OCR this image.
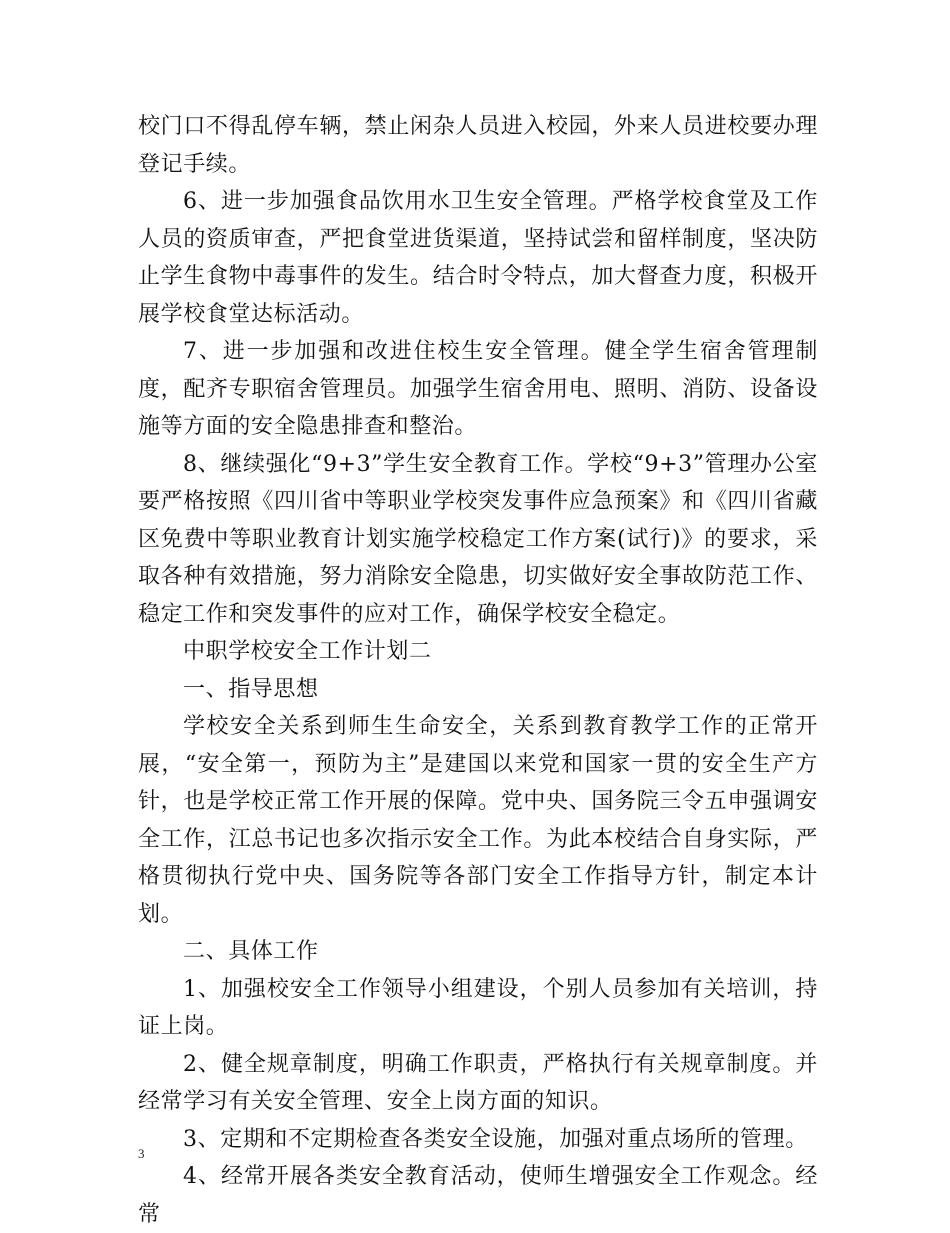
校门口不得乱停车辆，禁止闲杂人员进入校园，外来人员进校要办理登记手续。

6、进一步加强食品饮用水卫生安全管理。严格学校食堂及工作人员的资质审查，严把食堂进货渠道，坚持试尝和留样制度，坚决防止学生食物中毒事件的发生。结合时令特点，加大督查力度，积极开展学校食堂达标活动。

7、进一步加强和改进住校生安全管理。健全学生宿舍管理制度，配齐专职宿舍管理员。加强学生宿舍用电、照明、消防、设备设施等方面的安全隐患排查和整治。

8、继续强化“9+3”学生安全教育工作。学校“9+3”管理办公室要严格按照《四川省中等职业学校突发事件应急预案》和《四川省藏区免费中等职业教育计划实施学校稳定工作方案(试行)》的要求，采取各种有效措施，努力消除安全隐患，切实做好安全事故防范工作、稳定工作和突发事件的应对工作，确保学校安全稳定。

中职学校安全工作计划二

一、指导思想

学校安全关系到师生生命安全，关系到教育教学工作的正常开展，“安全第一，预防为主”是建国以来党和国家一贯的安全生产方针，也是学校正常工作开展的保障。党中央、国务院三令五申强调安全工作，江总书记也多次指示安全工作。为此本校结合自身实际，严格贯彻执行党中央、国务院等各部门安全工作指导方针，制定本计划。

二、具体工作

1、加强校安全工作领导小组建设，个别人员参加有关培训，持证上岗。

2、健全规章制度，明确工作职责，严格执行有关规章制度。并经常学习有关安全管理、安全上岗方面的知识。

3、定期和不定期检查各类安全设施，加强对重点场所的管理。

4、经常开展各类安全教育活动，使师生增强安全工作观念。经常

3
